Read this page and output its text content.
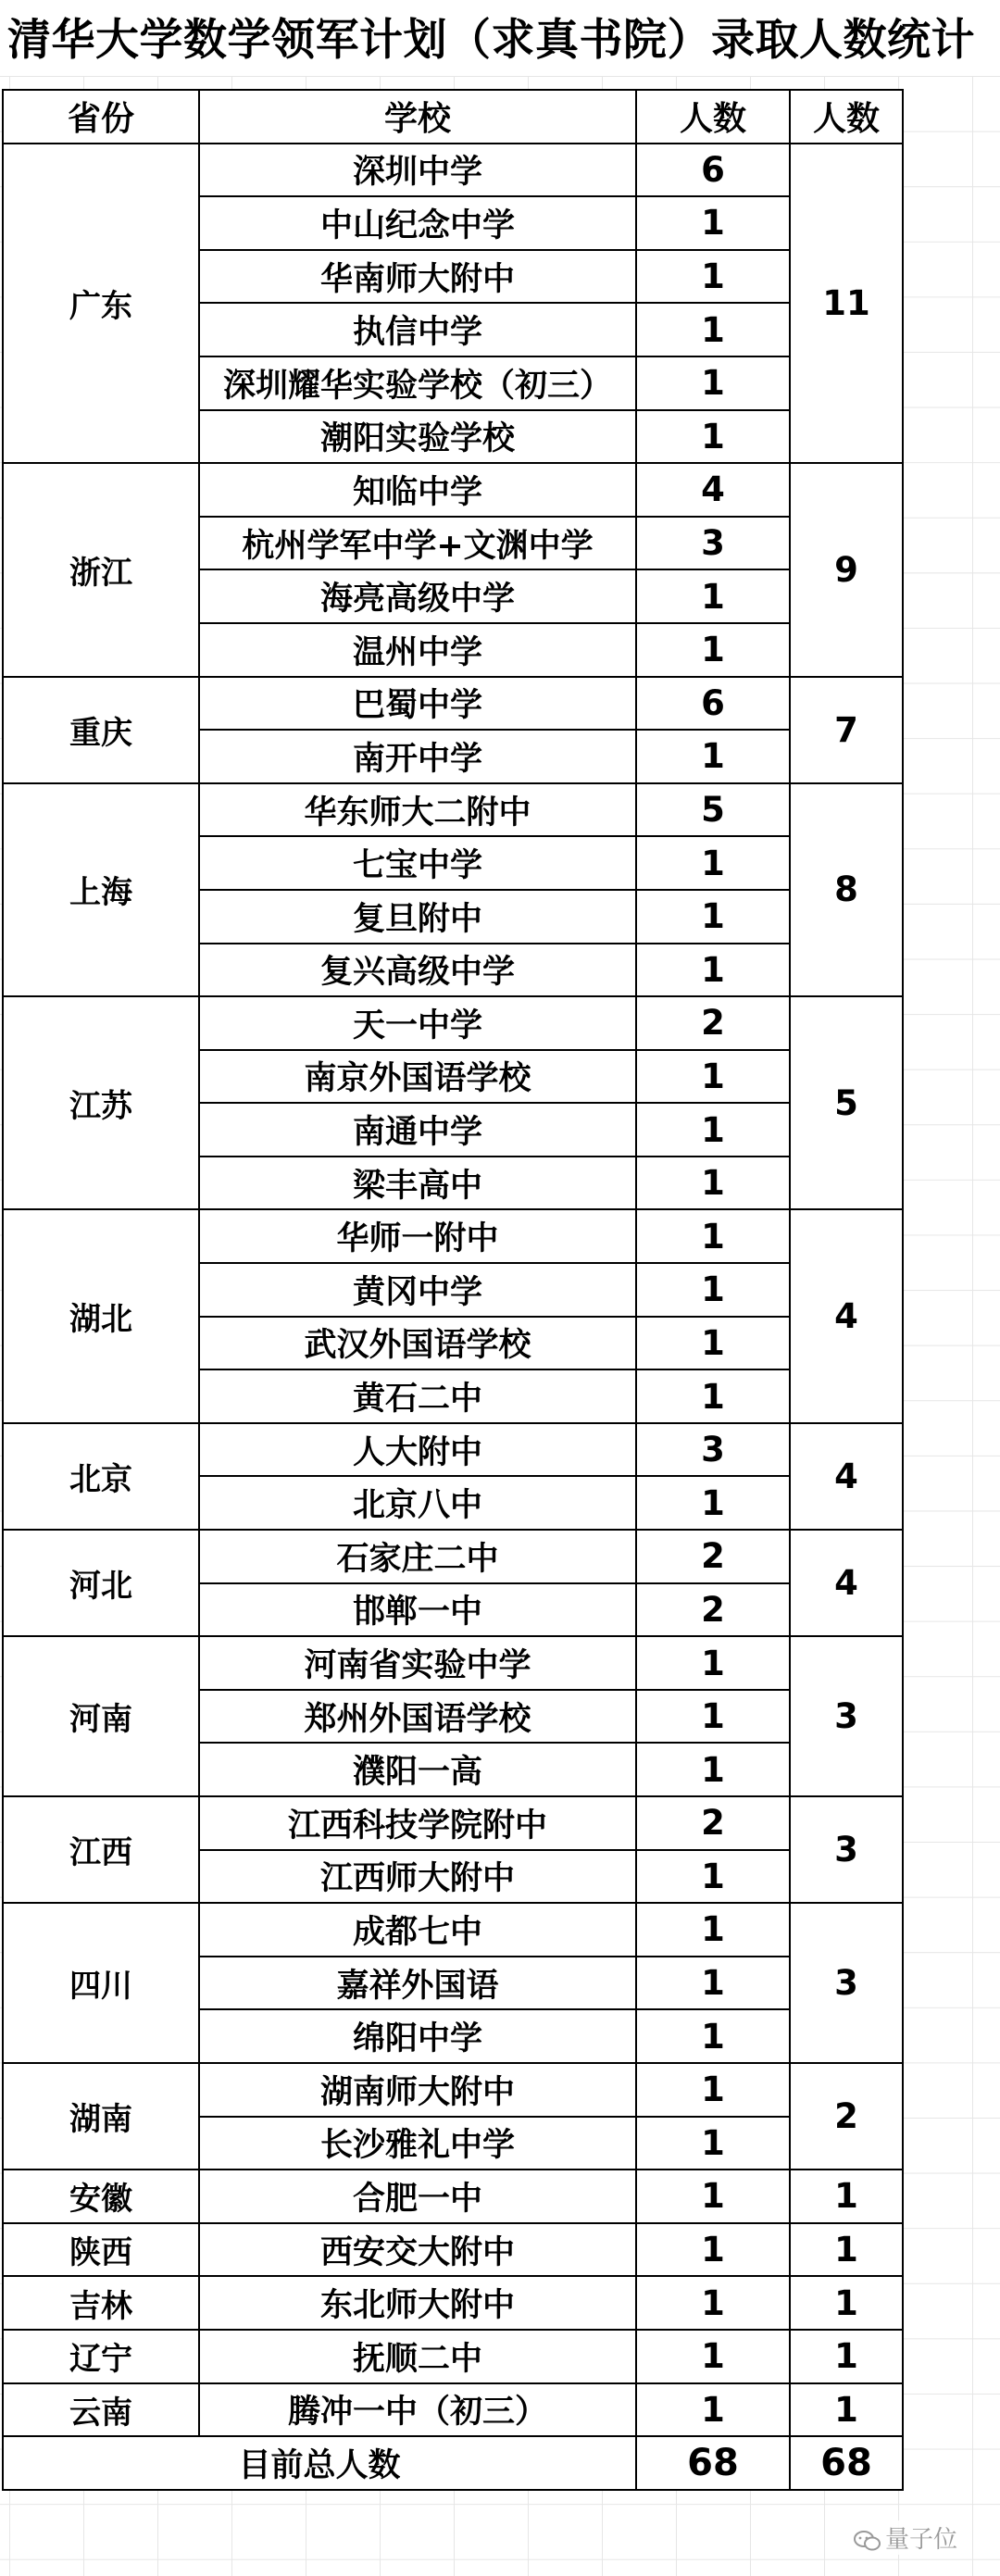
清华大学数学领军计划（求真书院）录取人数统计
省份	学校	人数	人数
广东	深圳中学	6	11
	中山纪念中学	1	
	华南师大附中	1	
	执信中学	1	
	深圳耀华实验学校（初三）	1	
	潮阳实验学校	1	
浙江	知临中学	4	9
	杭州学军中学+文渊中学	3	
	海亮高级中学	1	
	温州中学	1	
重庆	巴蜀中学	6	7
	南开中学	1	
上海	华东师大二附中	5	8
	七宝中学	1	
	复旦附中	1	
	复兴高级中学	1	
江苏	天一中学	2	5
	南京外国语学校	1	
	南通中学	1	
	梁丰高中	1	
湖北	华师一附中	1	4
	黄冈中学	1	
	武汉外国语学校	1	
	黄石二中	1	
北京	人大附中	3	4
	北京八中	1	
河北	石家庄二中	2	4
	邯郸一中	2	
河南	河南省实验中学	1	3
	郑州外国语学校	1	
	濮阳一高	1	
江西	江西科技学院附中	2	3
	江西师大附中	1	
四川	成都七中	1	3
	嘉祥外国语	1	
	绵阳中学	1	
湖南	湖南师大附中	1	2
	长沙雅礼中学	1	
安徽	合肥一中	1	1
陕西	西安交大附中	1	1
吉林	东北师大附中	1	1
辽宁	抚顺二中	1	1
云南	腾冲一中（初三）	1	1
目前总人数		68	68
量子位
